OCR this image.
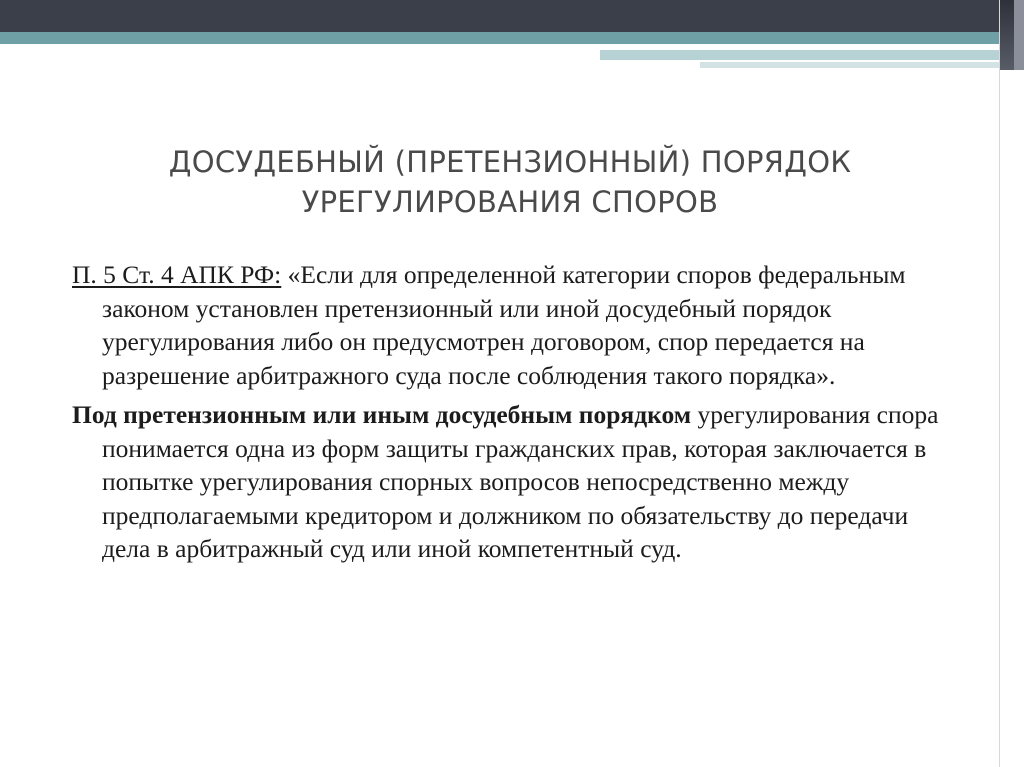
ДОСУДЕБНЫЙ (ПРЕТЕНЗИОННЫЙ) ПОРЯДОК
УРЕГУЛИРОВАНИЯ СПОРОВ

П. 5 Ст. 4 АПК РФ: «Если для определенной категории споров федеральным законом установлен претензионный или иной досудебный порядок урегулирования либо он предусмотрен договором, спор передается на разрешение арбитражного суда после соблюдения такого порядка».

Под претензионным или иным досудебным порядком урегулирования спора понимается одна из форм защиты гражданских прав, которая заключается в попытке урегулирования спорных вопросов непосредственно между предполагаемыми кредитором и должником по обязательству до передачи дела в арбитражный суд или иной компетентный суд.
